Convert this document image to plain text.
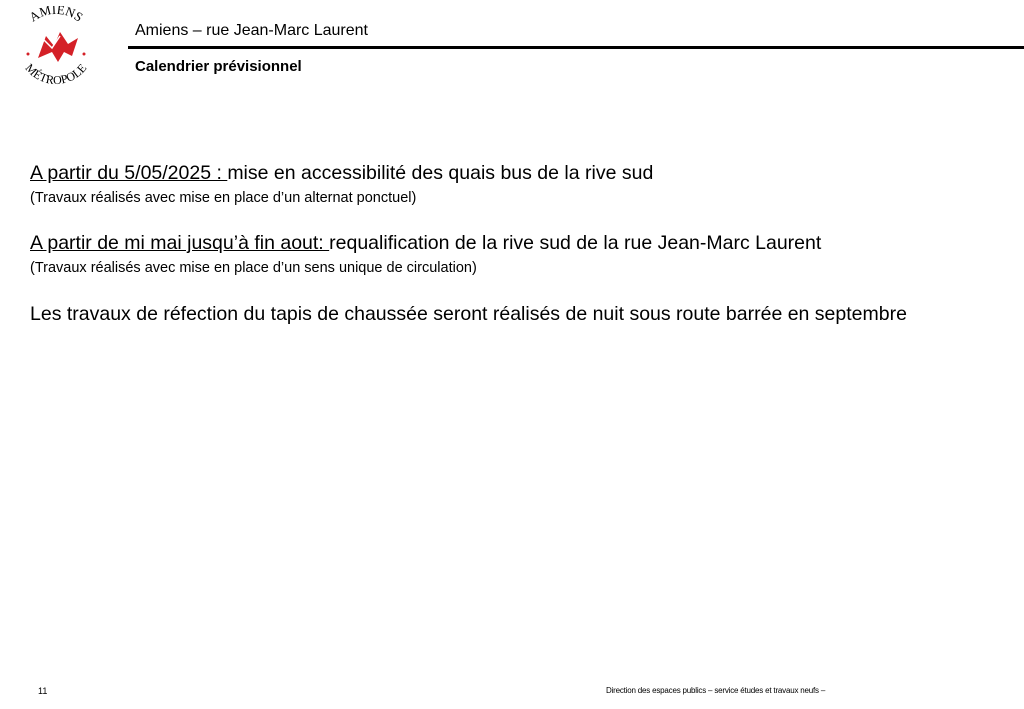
AMIENS
MÉTROPOLE
Amiens – rue Jean-Marc Laurent
Calendrier prévisionnel
A partir du 5/05/2025 : mise en accessibilité des quais bus de la rive sud
(Travaux réalisés avec mise en place d’un alternat ponctuel)
A partir de mi mai jusqu’à fin aout: requalification de la rive sud de la rue Jean-Marc Laurent
(Travaux réalisés avec mise en place d’un sens unique de circulation)
Les travaux de réfection du tapis de chaussée seront réalisés de nuit sous route barrée en septembre
11	Direction des espaces publics – service études et travaux neufs –
